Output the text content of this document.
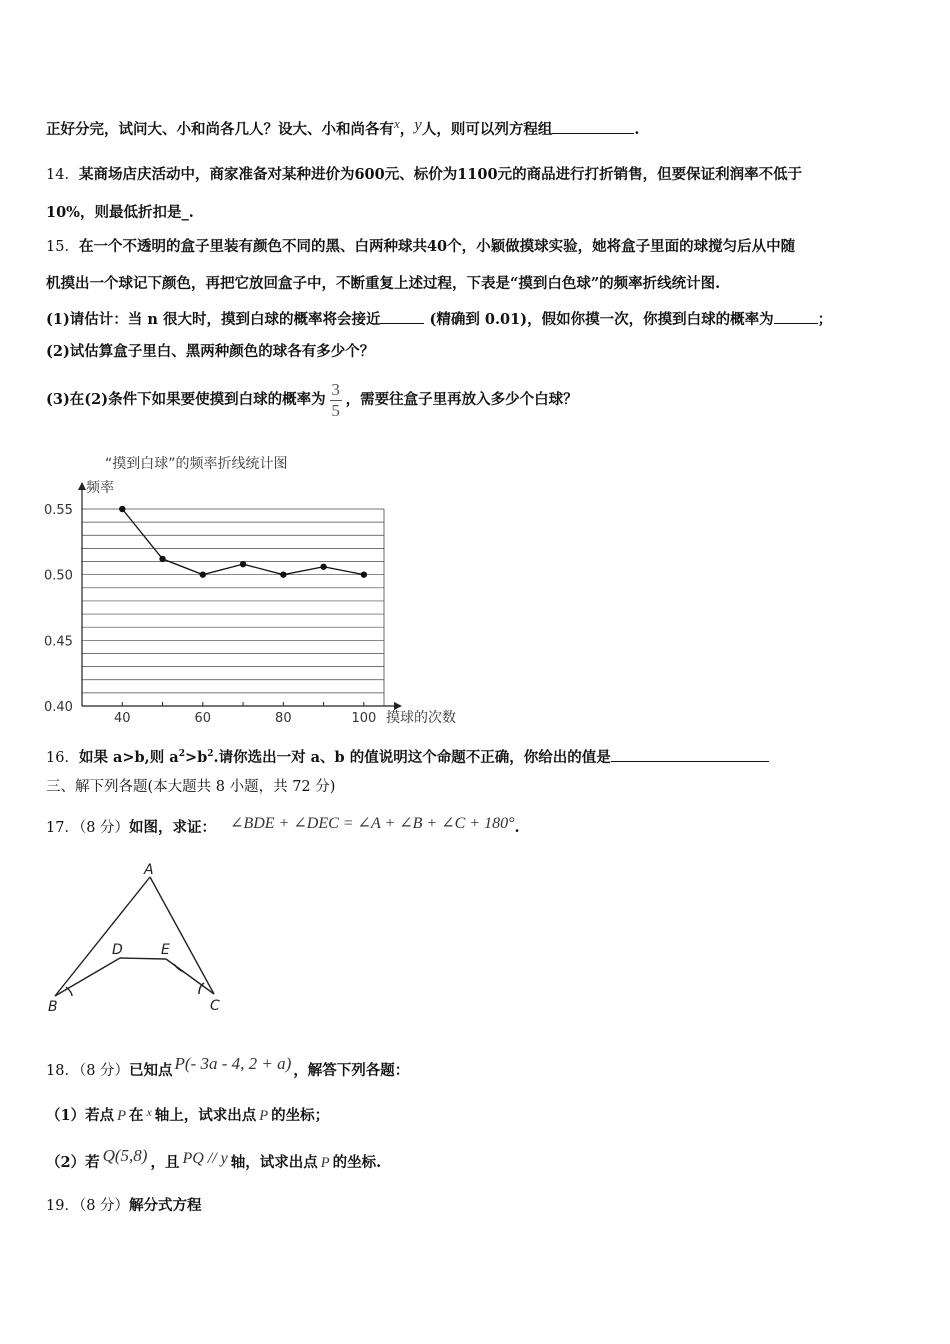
正好分完，试问大、小和尚各几人？设大、小和尚各有x，y人，则可以列方程组	.
14．某商场店庆活动中，商家准备对某种进价为600元、标价为1100元的商品进行打折销售，但要保证利润率不低于
10%，则最低折扣是_.
15．在一个不透明的盒子里装有颜色不同的黑、白两种球共40个，小颖做摸球实验，她将盒子里面的球搅匀后从中随
机摸出一个球记下颜色，再把它放回盒子中，不断重复上述过程，下表是“摸到白色球”的频率折线统计图.
(1)请估计：当 n 很大时，摸到白球的概率将会接近	(精确到 0.01)，假如你摸一次，你摸到白球的概率为	；
(2)试估算盒子里白、黑两种颜色的球各有多少个？
(3)在(2)条件下如果要使摸到白球的概率为 $\frac{3}{5}$ ，需要往盒子里再放入多少个白球？
“摸到白球”的频率折线统计图
频率
摸球的次数
0.55
0.50
0.45
0.40
40	60	80	100
16．如果 a>b,则 $a^2>b^2$.请你选出一对 a、b 的值说明这个命题不正确，你给出的值是
三、解下列各题(本大题共 8 小题，共 72 分)
17．（8 分）如图，求证： ∠BDE + ∠DEC = ∠A + ∠B + ∠C + 180°.
A
B	C
D	E
18．（8 分）已知点 P(- 3a - 4, 2 + a) ，解答下列各题：
（1）若点 P 在 $^x$ 轴上，试求出点 P 的坐标；
（2）若 Q(5,8) ，且 PQ // y 轴，试求出点 P 的坐标.
19．（8 分）解分式方程
